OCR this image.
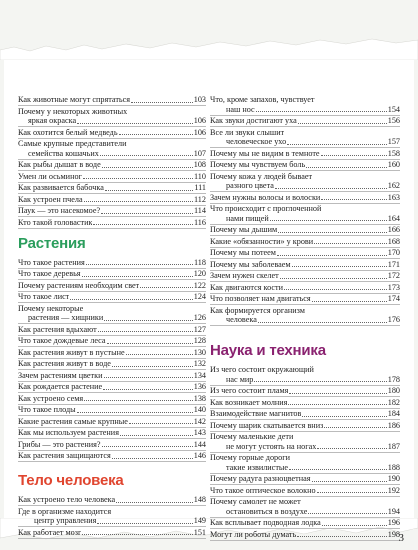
Как животные могут спрятаться	103
Почему у некоторых животных
яркая окраска	106
Как охотится белый медведь	106
Самые крупные представители
семейства кошачьих	107
Как рыбы дышат в воде	108
Умен ли осьминог	110
Как развивается бабочка	111
Как устроен пчела	112
Паук — это насекомое?	114
Кто такой головастик	116
Растения
Что такое растения	118
Что такое деревья	120
Почему растениям необходим свет	122
Что такое лист	124
Почему некоторые
растения — хищники	126
Как растения вдыхают	127
Что такое дождевые леса	128
Как растения живут в пустыне	130
Как растения живут в воде	132
Зачем растениям цветки	134
Как рождается растение	136
Как устроено семя	138
Что такое плоды	140
Какие растения самые крупные	142
Как мы используем растения	143
Грибы — это растения?	144
Как растения защищаются	146
Тело человека
Как устроено тело человека	148
Где в организме находится
центр управления	149
Как работает мозг	151
Что, кроме запахов, чувствует
наш нос	154
Как звуки достигают уха	156
Все ли звуки слышит
человеческое ухо	157
Почему мы не видим в темноте	158
Почему мы чувствуем боль	160
Почему кожа у людей бывает
разного цвета	162
Зачем нужны волосы и волоски	163
Что происходит с проглоченной
нами пищей	164
Почему мы дышим	166
Какие «обязанности» у крови	168
Почему мы потеем	170
Почему мы заболеваем	171
Зачем нужен скелет	172
Как двигаются кости	173
Что позволяет нам двигаться	174
Как формируется организм
человека	176
Наука и техника
Из чего состоит окружающий
нас мир	178
Из чего состоит пламя	180
Как возникает молния	182
Взаимодействие магнитов	184
Почему шарик скатывается вниз	186
Почему маленькие дети
не могут устоять на ногах	187
Почему горные дороги
такие извилистые	188
Почему радуга разноцветная	190
Что такое оптическое волокно	192
Почему самолет не может
остановиться в воздухе	194
Как всплывает подводная лодка	196
Могут ли роботы думать	198
3
